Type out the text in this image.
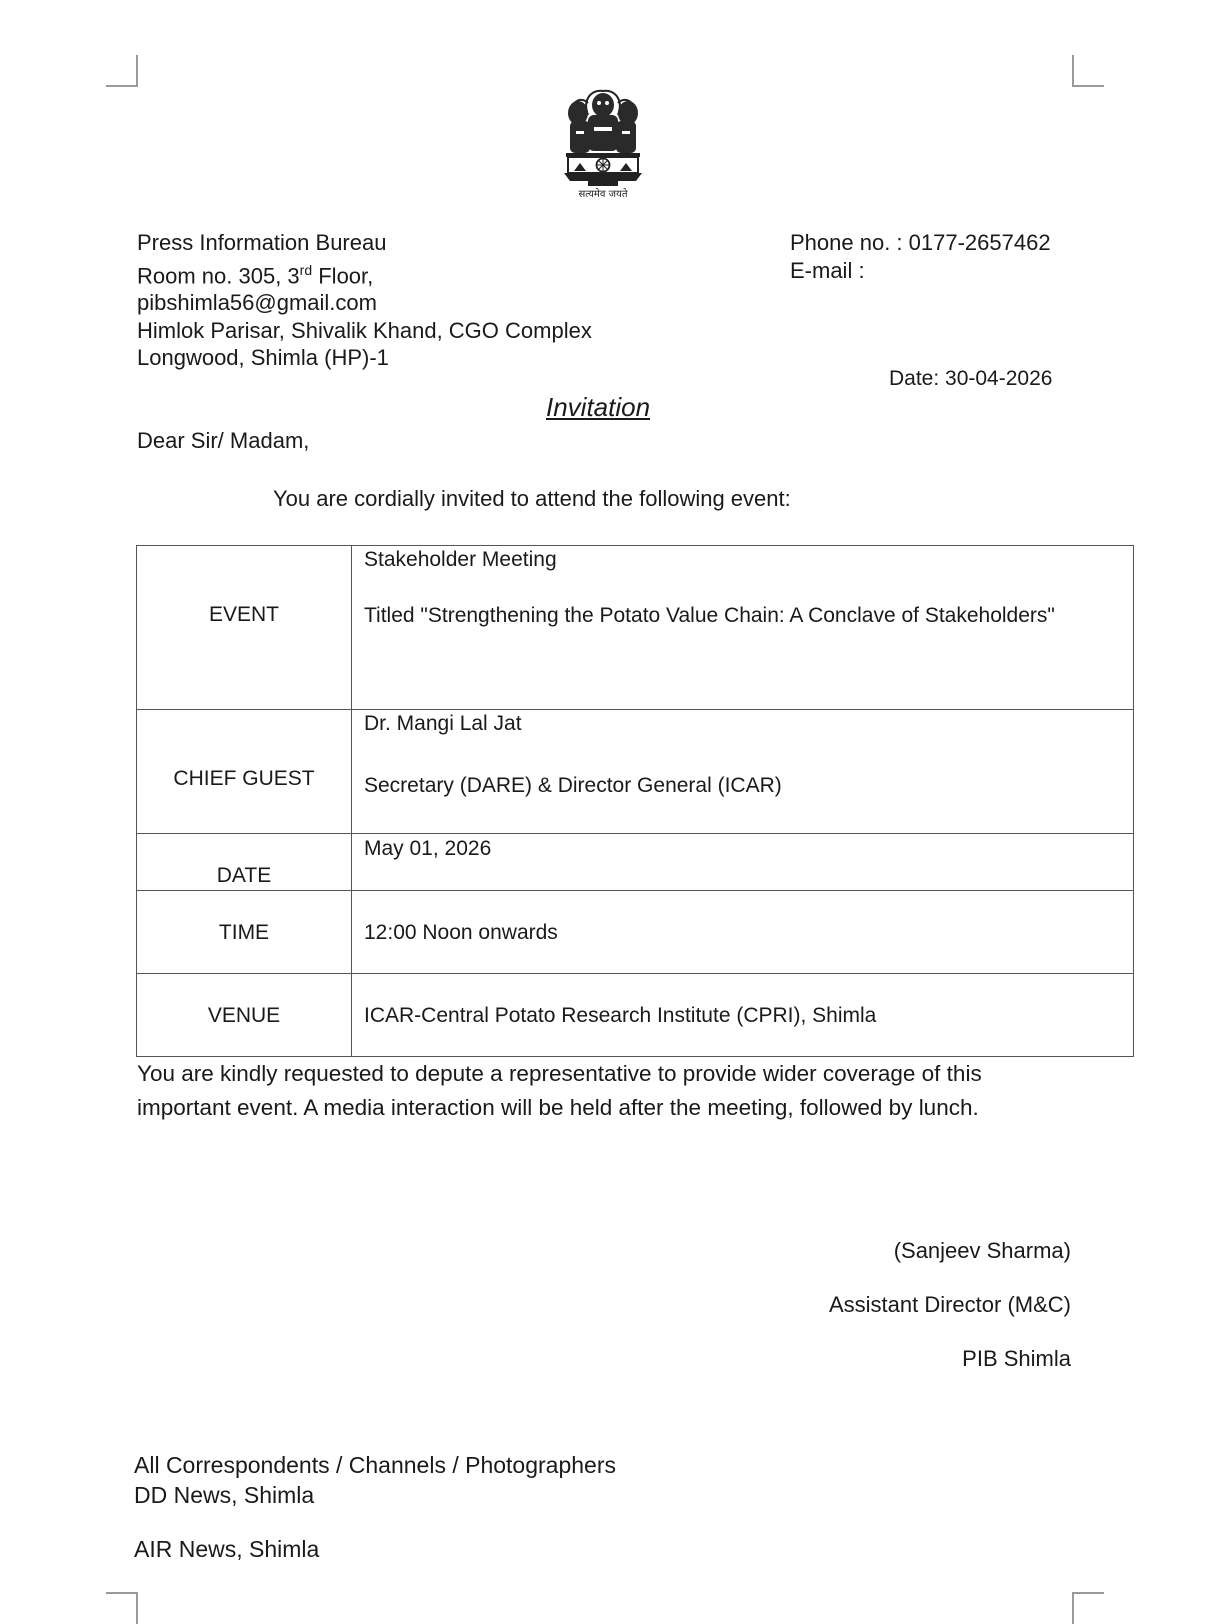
सत्यमेव जयते
Press Information Bureau
Room no. 305, 3rd Floor,
pibshimla56@gmail.com
Himlok Parisar, Shivalik Khand, CGO Complex
Longwood, Shimla (HP)-1
Phone no. : 0177-2657462
E-mail :
Date: 30-04-2026
Invitation
Dear Sir/ Madam,
You are cordially invited to attend the following event:
EVENT	Stakeholder Meeting
Titled "Strengthening the Potato Value Chain: A Conclave of Stakeholders"

CHIEF GUEST	Dr. Mangi Lal Jat
Secretary (DARE) & Director General (ICAR)

DATE	May 01, 2026

TIME	12:00 Noon onwards

VENUE	ICAR-Central Potato Research Institute (CPRI), Shimla
You are kindly requested to depute a representative to provide wider coverage of this important event. A media interaction will be held after the meeting, followed by lunch.
(Sanjeev Sharma)
Assistant Director (M&C)
PIB Shimla
All Correspondents / Channels / Photographers
DD News, Shimla
AIR News, Shimla
